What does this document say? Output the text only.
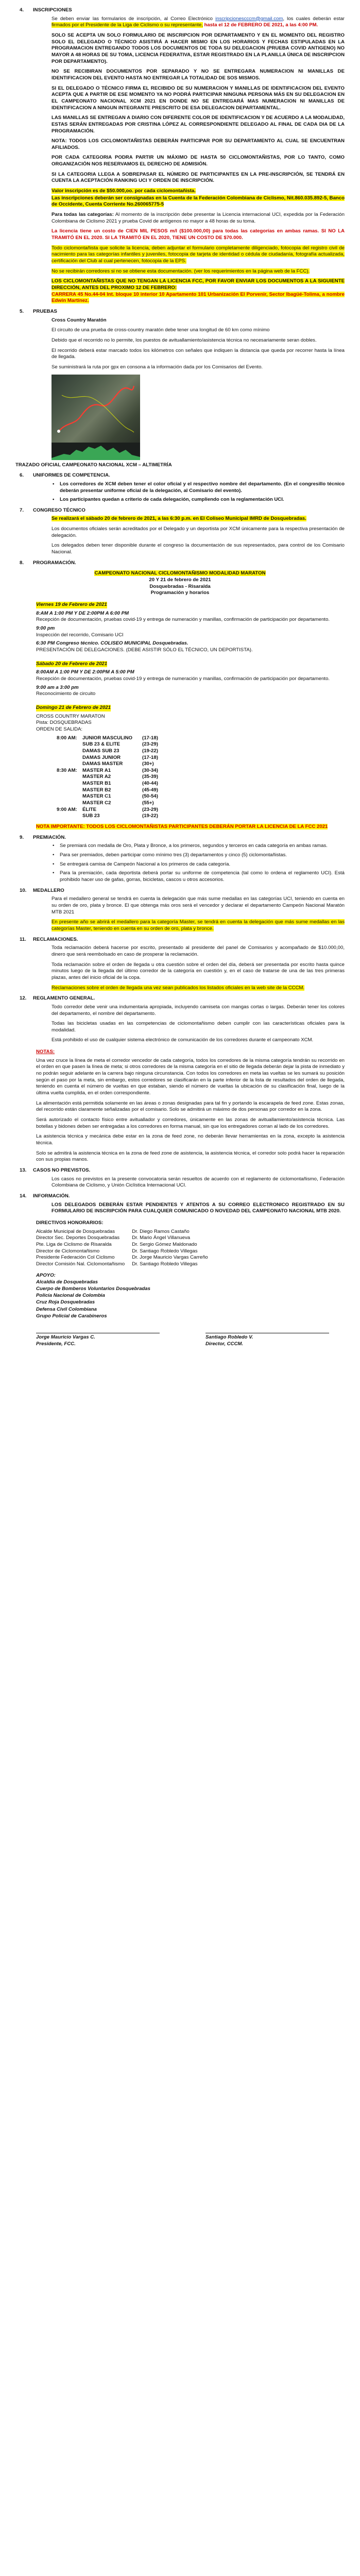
4. INSCRIPCIONES

Se deben enviar las formularios de inscripción, al Correo Electrónico inscripcionescccm@gmail.com, los cuales deberán estar firmados por el Presidente de la Liga de Ciclismo o su representante, hasta el 12 de FEBRERO DE 2021, a las 4:00 PM.

SOLO SE ACEPTA UN SOLO FORMULARIO DE INSCRIPCION POR DEPARTAMENTO Y EN EL MOMENTO DEL REGISTRO SOLO EL DELEGADO O TÉCNICO ASISTIRÁ A HACER MISMO EN LOS HORARIOS Y FECHAS ESTIPULADAS EN LA PROGRAMACION ENTREGANDO TODOS LOS DOCUMENTOS DE TODA SU DELEGACION (PRUEBA COVID ANTIGENO) NO MAYOR A 48 HORAS DE SU TOMA, LICENCIA FEDERATIVA, ESTAR REGISTRADO EN LA PLANILLA ÚNICA DE INSCRIPCION POR DEPARTAMENTO).

NO SE RECIBIRAN DOCUMENTOS POR SEPARADO Y NO SE ENTREGARA NUMERACION NI MANILLAS DE IDENTIFICACION DEL EVENTO HASTA NO ENTREGAR LA TOTALIDAD DE SOS MISMOS.

SI EL DELEGADO O TÉCNICO FIRMA EL RECIBIDO DE SU NUMERACION Y MANILLAS DE IDENTIFICACION DEL EVENTO ACEPTA QUE A PARTIR DE ESE MOMENTO YA NO PODRÁ PARTICIPAR NINGUNA PERSONA MÁS EN SU DELEGACION EN EL CAMPEONATO NACIONAL XCM 2021 EN DONDE NO SE ENTREGARÁ MAS NUMERACION NI MANILLAS DE IDENTIFICACION A NINGUN INTEGRANTE PRESCRITO DE ESA DELEGACION DEPARTAMENTAL.

LAS MANILLAS SE ENTREGAN A DIARIO CON DIFERENTE COLOR DE IDENTIFICACION Y DE ACUERDO A LA MODALIDAD, ESTAS SERÁN ENTREGADAS POR CRISTINA LÓPEZ AL CORRESPONDIENTE DELEGADO AL FINAL DE CADA DIA DE LA PROGRAMACIÓN.

NOTA: TODOS LOS CICLOMONTAÑISTAS DEBERÁN PARTICIPAR POR SU DEPARTAMENTO AL CUAL SE ENCUENTRAN AFILIADOS.

POR CADA CATEGORIA PODRA PARTIR UN MÁXIMO DE HASTA 50 CICLOMONTAÑISTAS, POR LO TANTO, COMO ORGANIZACIÓN NOS RESERVAMOS EL DERECHO DE ADMISIÓN.

SI LA CATEGORIA LLEGA A SOBREPASAR EL NÚMERO DE PARTICIPANTES EN LA PRE-INSCRIPCIÓN, SE TENDRÁ EN CUENTA LA ACEPTACIÓN RANKING UCI Y ORDEN DE INSCRIPCIÓN.

Valor inscripción es de $50.000,oo. por cada ciclomontañista.

Las inscripciones deberán ser consignadas en la Cuenta de la Federación Colombiana de Ciclismo, Nit.860.035.892-5, Banco de Occidente, Cuenta Corriente No.260065775-5

Para todas las categorías: Al momento de la inscripción debe presentar la Licencia internacional UCI, expedida por la Federación Colombiana de Ciclismo 2021 y prueba Covid de antígenos no mayor a 48 horas de su toma.

La licencia tiene un costo de CIEN MIL PESOS m/l ($100.000,00) para todas las categorías en ambas ramas. SI NO LA TRAMITÓ EN EL 2020. SI LA TRAMITÓ EN EL 2020, TIENE UN COSTO DE $70.000.

Todo ciclomontañista que solicite la licencia, deben adjuntar el formulario completamente diligenciado, fotocopia del registro civil de nacimiento para las categorías infantiles y juveniles, fotocopia de tarjeta de identidad o cédula de ciudadanía, fotografía actualizada, certificación del Club al cual pertenecen, fotocopia de la EPS.

No se recibirán corredores si no se obtiene esta documentación. (ver los requerimientos en la página web de la FCC).

LOS CICLOMONTAÑISTAS QUE NO TENGAN LA LICENCIA FCC, POR FAVOR ENVIAR LOS DOCUMENTOS A LA SIGUIENTE DIRECCIÓN, ANTES DEL PROXIMO 12 DE FEBRERO:
CARRERA 45 No.44-04 Int. bloque 10 interior 10 Apartamento 101 Urbanización El Porvenir, Sector Ibagüé-Tolima, a nombre Edwin Martínez.

5. PRUEBAS

Cross Country Maratón

El circuito de una prueba de cross-country maratón debe tener una longitud de 60 km como mínimo

Debido que el recorrido no lo permite, los puestos de avituallamiento/asistencia técnica no necesariamente seran dobles.

El recorrido deberá estar marcado todos los kilómetros con señales que indiquen la distancia que queda por recorrer hasta la línea de llegada.

Se suministrará la ruta por gpx en consona a la información dada por los Comisarios del Evento.

TRAZADO OFICIAL CAMPEONATO NACIONAL XCM – ALTIMETRÍA
6. UNIFORMES DE COMPETENCIA.
• Los corredores de XCM deben tener el color oficial y el respectivo nombre del departamento. (En el congresillo técnico deberán presentar uniforme oficial de la delegación, al Comisario del evento).
• Los participantes quedan a criterio de cada delegación, cumpliendo con la reglamentación UCI.
7. CONGRESO TÉCNICO

Se realizará el sábado 20 de febrero de 2021, a las 6:30 p.m. en El Coliseo Municipal IMRD de Dosquebradas.

Los documentos oficiales serán acreditados por el Delegado y un deportista por XCM únicamente para la respectiva presentación de delegación.

Los delegados deben tener disponible durante el congreso la documentación de sus representados, para control de los Comisario Nacional.

8. PROGRAMACIÓN.
CAMPEONATO NACIONAL CICLOMONTAÑISMO MODALIDAD MARATON
20 Y 21 de febrero de 2021
Dosquebradas - Risaralda
Programación y horarios
Viernes 19 de Febrero de 2021
8:AM A 1:00 PM Y DE 2:00PM A 6:00 PM
Recepción de documentación, pruebas covid-19 y entrega de numeración y manillas, confirmación de participación por departamento.
9:00 pm
Inspección del recorrido, Comisario UCI
6:30 PM Congreso técnico. COLISEO MUNICIPAL Dosquebradas.
PRESENTACIÓN DE DELEGACIONES. (DEBE ASISTIR SÓLO EL TÉCNICO, UN DEPORTISTA).
Sábado 20 de Febrero de 2021
8:00AM A 1:00 PM Y DE 2:00PM A 5:00 PM
Recepción de documentación, pruebas covid-19 y entrega de numeración y manillas, confirmación de participación por departamento.
9:00 am a 3:00 pm
Reconocimiento de circuito
Domingo 21 de Febrero de 2021
CROSS COUNTRY MARATON
Pista: DOSQUEBRADAS
ORDEN DE SALIDA:
8:00 AM:	JUNIOR MASCULINO	(17-18)
	SUB 23 & ELITE	(23-29)
	DAMAS SUB 23	(19-22)
	DAMAS JUNIOR	(17-18)
	DAMAS MASTER	(30+)
8:30 AM:	MASTER A1	(30-34)
	MASTER A2	(35-39)
	MASTER B1	(40-44)
	MASTER B2	(45-49)
	MASTER C1	(50-54)
	MASTER C2	(55+)
9:00 AM:	ÉLITE	(23-29)
	SUB 23	(19-22)

NOTA IMPORTANTE: TODOS LOS CICLOMONTAÑISTAS PARTICIPANTES DEBERÁN PORTAR LA LICENCIA DE LA FCC 2021

9. PREMIACIÓN.
• Se premiará con medalla de Oro, Plata y Bronce, a los primeros, segundos y terceros en cada categoría en ambas ramas.
• Para ser premiados, deben participar como mínimo tres (3) departamentos y cinco (5) ciclomontañistas.
• Se entregará camisa de Campeón Nacional a los primeros de cada categoría.
• Para la premiación, cada deportista deberá portar su uniforme de competencia (tal como lo ordena el reglamento UCI). Está prohibido hacer uso de gafas, gorras, bicicletas, cascos u otros accesorios.
10. MEDALLERO

Para el medallero general se tendrá en cuenta la delegación que más sume medallas en las categorías UCI, teniendo en cuenta en su orden de oro, plata y bronce. El que obtenga más oros será el vencedor y declarar el departamento Campeón Nacional Maratón MTB 2021

En presente año se abrirá el medallero para la categoría Master, se tendrá en cuenta la delegación que más sume medallas en las categorías Master, teniendo en cuenta en su orden de oro, plata y bronce.

11. RECLAMACIONES.

Toda reclamación deberá hacerse por escrito, presentado al presidente del panel de Comisarios y acompañado de $10.000,00, dinero que será reembolsado en caso de prosperar la reclamación.

Toda reclamación sobre el orden de llegada u otra cuestión sobre el orden del día, deberá ser presentada por escrito hasta quince minutos luego de la llegada del último corredor de la categoría en cuestión y, en el caso de tratarse de una de las tres primeras plazas, antes del inicio oficial de la copa.

Reclamaciones sobre el orden de llegada una vez sean publicados los listados oficiales en la web site de la CCCM.

12. REGLAMENTO GENERAL.

Todo corredor debe venir una indumentaria apropiada, incluyendo camiseta con mangas cortas o largas. Deberán tener los colores del departamento, el nombre del departamento.

Todas las bicicletas usadas en las competencias de ciclomontañismo deben cumplir con las características oficiales para la modalidad.

Está prohibido el uso de cualquier sistema electrónico de comunicación de los corredores durante el campeonato XCM.

NOTAS:

Una vez cruce la línea de meta el corredor vencedor de cada categoría, todos los corredores de la misma categoría tendrán su recorrido en el orden en que pasen la línea de meta; si otros corredores de la misma categoría en el sitio de llegada deberán dejar la pista de inmediato y no podrán seguir adelante en la carrera bajo ninguna circunstancia. Con todos los corredores en meta las vueltas se les sumará su posición según el paso por la meta, sin embargo, estos corredores se clasificarán en la parte inferior de la lista de resultados del orden de llegada, teniendo en cuenta el número de vueltas en que estaban, siendo el número de vueltas la ubicación de su clasificación final, luego de la última vuelta cumplida, en el orden correspondiente.

La alimentación está permitida solamente en las áreas o zonas designadas para tal fin y portando la escarapela de feed zone. Estas zonas, del recorrido están claramente señalizadas por el comisario. Solo se admitirá un máximo de dos personas por corredor en la zona.

Será autorizado el contacto físico entre avituallador y corredores, únicamente en las zonas de avituallamiento/asistencia técnica. Las botellas y bidones deben ser entregadas a los corredores en forma manual, sin que los entregadores corran al lado de los corredores.

La asistencia técnica y mecánica debe estar en la zona de feed zone, no deberán llevar herramientas en la zona, excepto la asistencia técnica.

Solo se admitirá la asistencia técnica en la zona de feed zone de asistencia, la asistencia técnica, el corredor solo podrá hacer la reparación con sus propias manos.

13. CASOS NO PREVISTOS.

Los casos no previstos en la presente convocatoria serán resueltos de acuerdo con el reglamento de ciclomontañismo, Federación Colombiana de Ciclismo, y Unión Ciclística Internacional UCI.

14. INFORMACIÓN.

LOS DELEGADOS DEBERÁN ESTAR PENDIENTES Y ATENTOS A SU CORREO ELECTRONICO REGISTRADO EN SU FORMULARIO DE INSCRIPCIÓN PARA CUALQUIER COMUNICADO O NOVEDAD DEL CAMPEONATO NACIONAL MTB 2020.

DIRECTIVOS HONORARIOS:
Alcalde Municipal de Dosquebradas	Dr. Diego Ramos Castaño
Director Sec. Deportes Dosquebradas	Dr. Mario Ángel Villanueva
Pte. Liga de Ciclismo de Risaralda	Dr. Sergio Gómez Maldonado
Director de Ciclomontañismo	Dr. Santiago Robledo Villegas
Presidente Federación Col Ciclismo	Dr. Jorge Mauricio Vargas Carreño
Director Comisión Nal. Ciclomontañismo	Dr. Santiago Robledo Villegas
APOYO:
Alcaldía de Dosquebradas
Cuerpo de Bomberos Voluntarios Dosquebradas
Policía Nacional de Colombia
Cruz Roja Dosquebradas
Defensa Civil Colombiana
Grupo Policial de Carabineros
Jorge Mauricio Vargas C.
Presidente, FCC.
Santiago Robledo V.
Director, CCCM.
